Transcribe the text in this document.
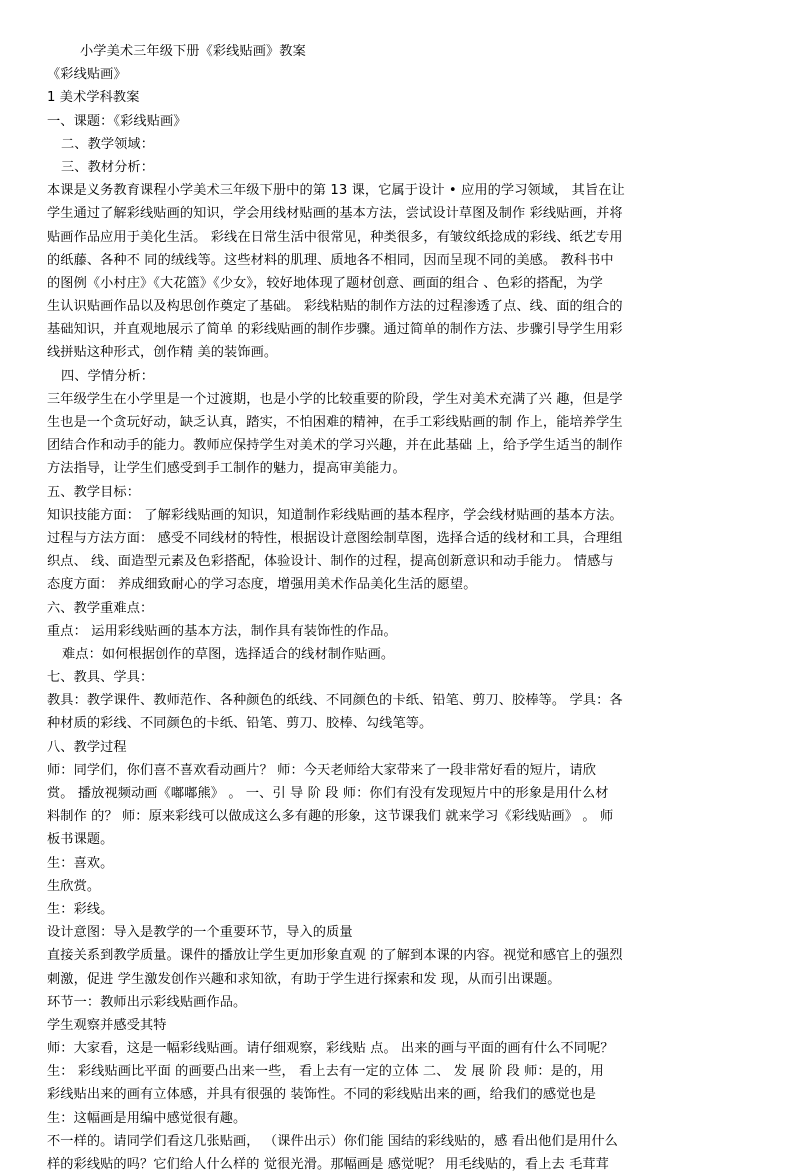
小学美术三年级下册《彩线贴画》教案
《彩线贴画》
1 美术学科教案
一、课题：《彩线贴画》
二、教学领域：
三、教材分析：
本课是义务教育课程小学美术三年级下册中的第 13 课，它属于设计 • 应用的学习领域， 其旨在让
学生通过了解彩线贴画的知识，学会用线材贴画的基本方法，尝试设计草图及制作 彩线贴画，并将
贴画作品应用于美化生活。 彩线在日常生活中很常见，种类很多，有皱纹纸捻成的彩线、纸艺专用
的纸藤、各种不 同的绒线等。这些材料的肌理、质地各不相同，因而呈现不同的美感。 教科书中
的图例《小村庄》《大花篮》《少女》，较好地体现了题材创意、画面的组合 、色彩的搭配，为学
生认识贴画作品以及构思创作奠定了基础。 彩线粘贴的制作方法的过程渗透了点、线、面的组合的
基础知识，并直观地展示了简单 的彩线贴画的制作步骤。通过简单的制作方法、步骤引导学生用彩
线拼贴这种形式，创作精 美的装饰画。
四、学情分析：
三年级学生在小学里是一个过渡期，也是小学的比较重要的阶段，学生对美术充满了兴 趣，但是学
生也是一个贪玩好动，缺乏认真，踏实，不怕困难的精神，在手工彩线贴画的制 作上，能培养学生
团结合作和动手的能力。教师应保持学生对美术的学习兴趣，并在此基础 上，给予学生适当的制作
方法指导，让学生们感受到手工制作的魅力，提高审美能力。
五、教学目标：
知识技能方面： 了解彩线贴画的知识，知道制作彩线贴画的基本程序，学会线材贴画的基本方法。
过程与方法方面： 感受不同线材的特性，根据设计意图绘制草图，选择合适的线材和工具，合理组
织点、 线、面造型元素及色彩搭配，体验设计、制作的过程，提高创新意识和动手能力。 情感与
态度方面： 养成细致耐心的学习态度，增强用美术作品美化生活的愿望。
六、教学重难点：
重点： 运用彩线贴画的基本方法，制作具有装饰性的作品。
难点：如何根据创作的草图，选择适合的线材制作贴画。
七、教具、学具：
教具：教学课件、教师范作、各种颜色的纸线、不同颜色的卡纸、铅笔、剪刀、胶棒等。 学具：各
种材质的彩线、不同颜色的卡纸、铅笔、剪刀、胶棒、勾线笔等。
八、教学过程
师：同学们，你们喜不喜欢看动画片？ 师：今天老师给大家带来了一段非常好看的短片，请欣
赏。 播放视频动画《嘟嘟熊》 。 一、引 导 阶 段 师：你们有没有发现短片中的形象是用什么材
料制作 的？ 师：原来彩线可以做成这么多有趣的形象，这节课我们 就来学习《彩线贴画》 。 师
板书课题。
生：喜欢。
生欣赏。
生：彩线。
设计意图：导入是教学的一个重要环节，导入的质量
直接关系到教学质量。课件的播放让学生更加形象直观 的了解到本课的内容。视觉和感官上的强烈
刺激，促进 学生激发创作兴趣和求知欲，有助于学生进行探索和发 现，从而引出课题。
环节一：教师出示彩线贴画作品。
学生观察并感受其特
师：大家看，这是一幅彩线贴画。请仔细观察，彩线贴 点。 出来的画与平面的画有什么不同呢？
生： 彩线贴画比平面 的画要凸出来一些， 看上去有一定的立体 二、 发 展 阶 段 师：是的，用
彩线贴出来的画有立体感，并具有很强的 装饰性。不同的彩线贴出来的画，给我们的感觉也是
生：这幅画是用编中感觉很有趣。
不一样的。请同学们看这几张贴画， （课件出示）你们能 国结的彩线贴的，感 看出他们是用什么
样的彩线贴的吗？它们给人什么样的 觉很光滑。那幅画是 感觉呢？ 用毛线贴的，看上去 毛茸茸
